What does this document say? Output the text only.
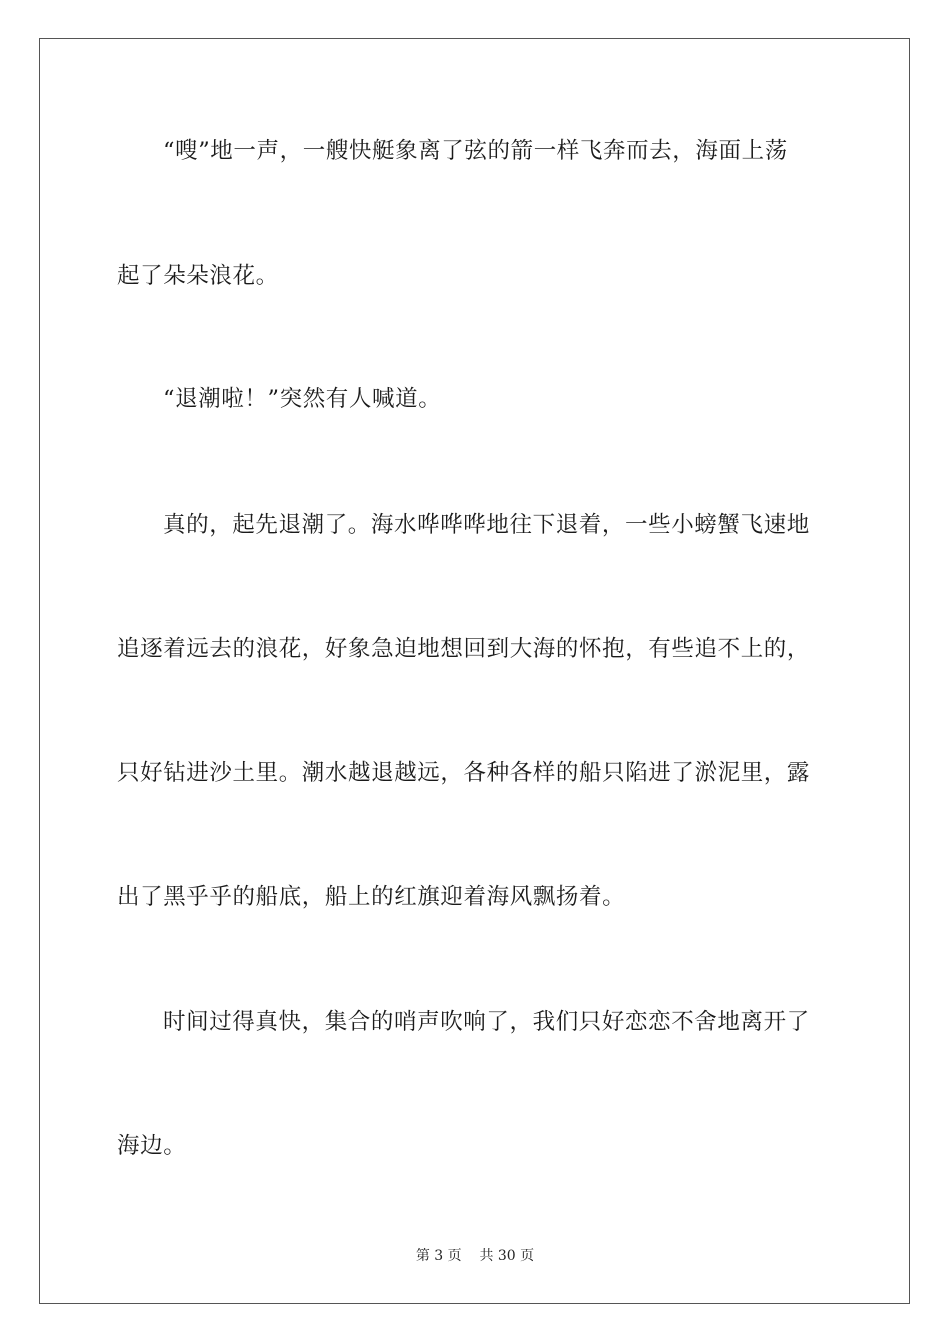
“嗖”地一声，一艘快艇象离了弦的箭一样飞奔而去，海面上荡
起了朵朵浪花。
“退潮啦！”突然有人喊道。
真的，起先退潮了。海水哗哗哗地往下退着，一些小螃蟹飞速地
追逐着远去的浪花，好象急迫地想回到大海的怀抱，有些追不上的，
只好钻进沙土里。潮水越退越远，各种各样的船只陷进了淤泥里，露
出了黑乎乎的船底，船上的红旗迎着海风飘扬着。
时间过得真快，集合的哨声吹响了，我们只好恋恋不舍地离开了
海边。
第 3 页 共 30 页
